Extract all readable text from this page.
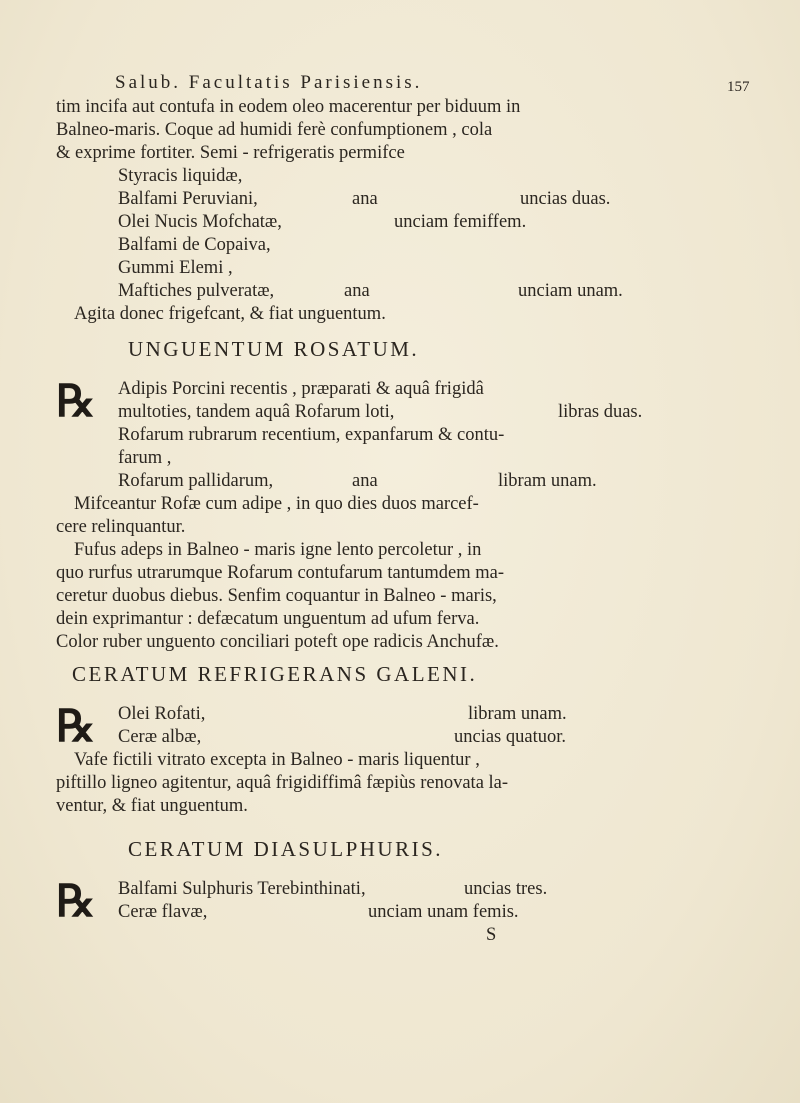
Salub. Facultatis Parisiensis.	157
tim incifa aut contufa in eodem oleo macerentur per biduum in
Balneo-maris. Coque ad humidi ferè confumptionem , cola
& exprime fortiter. Semi - refrigeratis permifce
Styracis liquidæ,
Balfami Peruviani,	ana	uncias duas.
Olei Nucis Mofchatæ,	unciam femiffem.
Balfami de Copaiva,
Gummi Elemi ,
Maftiches pulveratæ,	ana	unciam unam.
Agita donec frigefcant, & fiat unguentum.
UNGUENTUM ROSATUM.
℞ Adipis Porcini recentis , præparati & aquâ frigidâ
multoties, tandem aquâ Rofarum loti,	libras duas.
Rofarum rubrarum recentium, expanfarum & contu-
farum ,
Rofarum pallidarum,	ana	libram unam.
Mifceantur Rofæ cum adipe , in quo dies duos marcef-
cere relinquantur.
Fufus adeps in Balneo - maris igne lento percoletur , in
quo rurfus utrarumque Rofarum contufarum tantumdem ma-
ceretur duobus diebus. Senfim coquantur in Balneo - maris,
dein exprimantur : defæcatum unguentum ad ufum ferva.
Color ruber unguento conciliari poteft ope radicis Anchufæ.
CERATUM REFRIGERANS GALENI.
℞ Olei Rofati,	libram unam.
Ceræ albæ,	uncias quatuor.
Vafe fictili vitrato excepta in Balneo - maris liquentur ,
piftillo ligneo agitentur, aquâ frigidiffimâ fæpiùs renovata la-
ventur, & fiat unguentum.
CERATUM DIASULPHURIS.
℞ Balfami Sulphuris Terebinthinati,	uncias tres.
Ceræ flavæ,	unciam unam femis.
S
